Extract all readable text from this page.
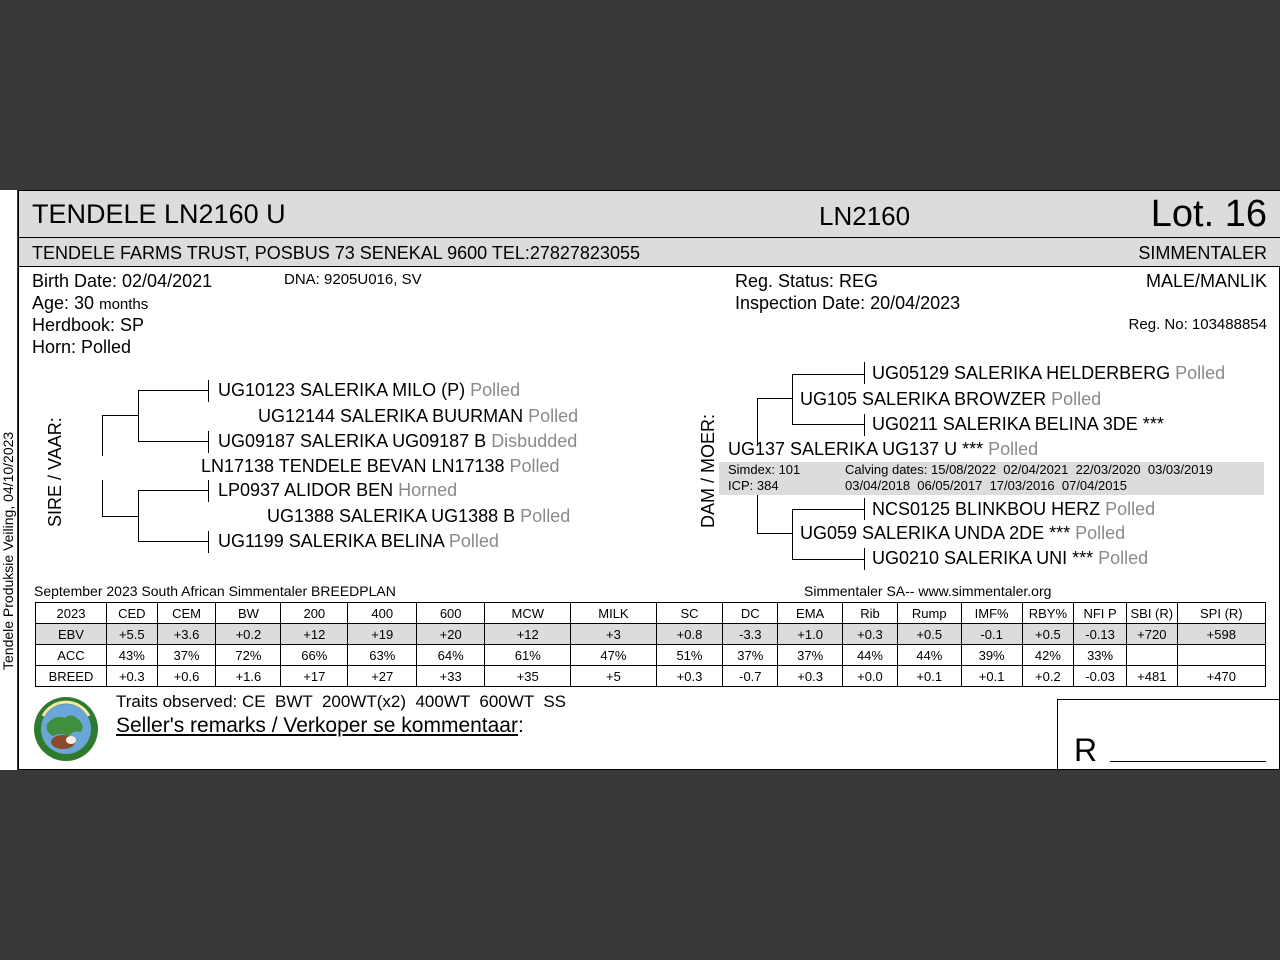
Tendele Produksie Veiling, 04/10/2023
TENDELE LN2160 U	LN2160	Lot. 16
TENDELE FARMS TRUST, POSBUS 73 SENEKAL 9600 TEL:27827823055	SIMMENTALER
Birth Date: 02/04/2021	DNA: 9205U016, SV
Age: 30 months
Herdbook: SP
Horn: Polled
Reg. Status: REG
Inspection Date: 20/04/2023
MALE/MANLIK
Reg. No: 103488854
SIRE / VAAR:
UG10123 SALERIKA MILO (P) Polled
UG12144 SALERIKA BUURMAN Polled
UG09187 SALERIKA UG09187 B Disbudded
LN17138 TENDELE BEVAN LN17138 Polled
LP0937 ALIDOR BEN Horned
UG1388 SALERIKA UG1388 B Polled
UG1199 SALERIKA BELINA Polled
DAM / MOER:
UG05129 SALERIKA HELDERBERG Polled
UG105 SALERIKA BROWZER Polled
UG0211 SALERIKA BELINA 3DE ***
UG137 SALERIKA UG137 U *** Polled
Simdex: 101
ICP: 384
Calving dates: 15/08/2022  02/04/2021  22/03/2020  03/03/2019
03/04/2018  06/05/2017  17/03/2016  07/04/2015
NCS0125 BLINKBOU HERZ Polled
UG059 SALERIKA UNDA 2DE *** Polled
UG0210 SALERIKA UNI *** Polled
September 2023 South African Simmentaler BREEDPLAN	Simmentaler SA-- www.simmentaler.org
2023	CED	CEM	BW	200	400	600	MCW	MILK	SC	DC	EMA	Rib	Rump	IMF%	RBY%	NFI P	SBI (R)	SPI (R)
EBV	+5.5	+3.6	+0.2	+12	+19	+20	+12	+3	+0.8	-3.3	+1.0	+0.3	+0.5	-0.1	+0.5	-0.13	+720	+598
ACC	43%	37%	72%	66%	63%	64%	61%	47%	51%	37%	37%	44%	44%	39%	42%	33%		
BREED	+0.3	+0.6	+1.6	+17	+27	+33	+35	+5	+0.3	-0.7	+0.3	+0.0	+0.1	+0.1	+0.2	-0.03	+481	+470
Traits observed: CE  BWT  200WT(x2)  400WT  600WT  SS
Seller's remarks / Verkoper se kommentaar:
R
